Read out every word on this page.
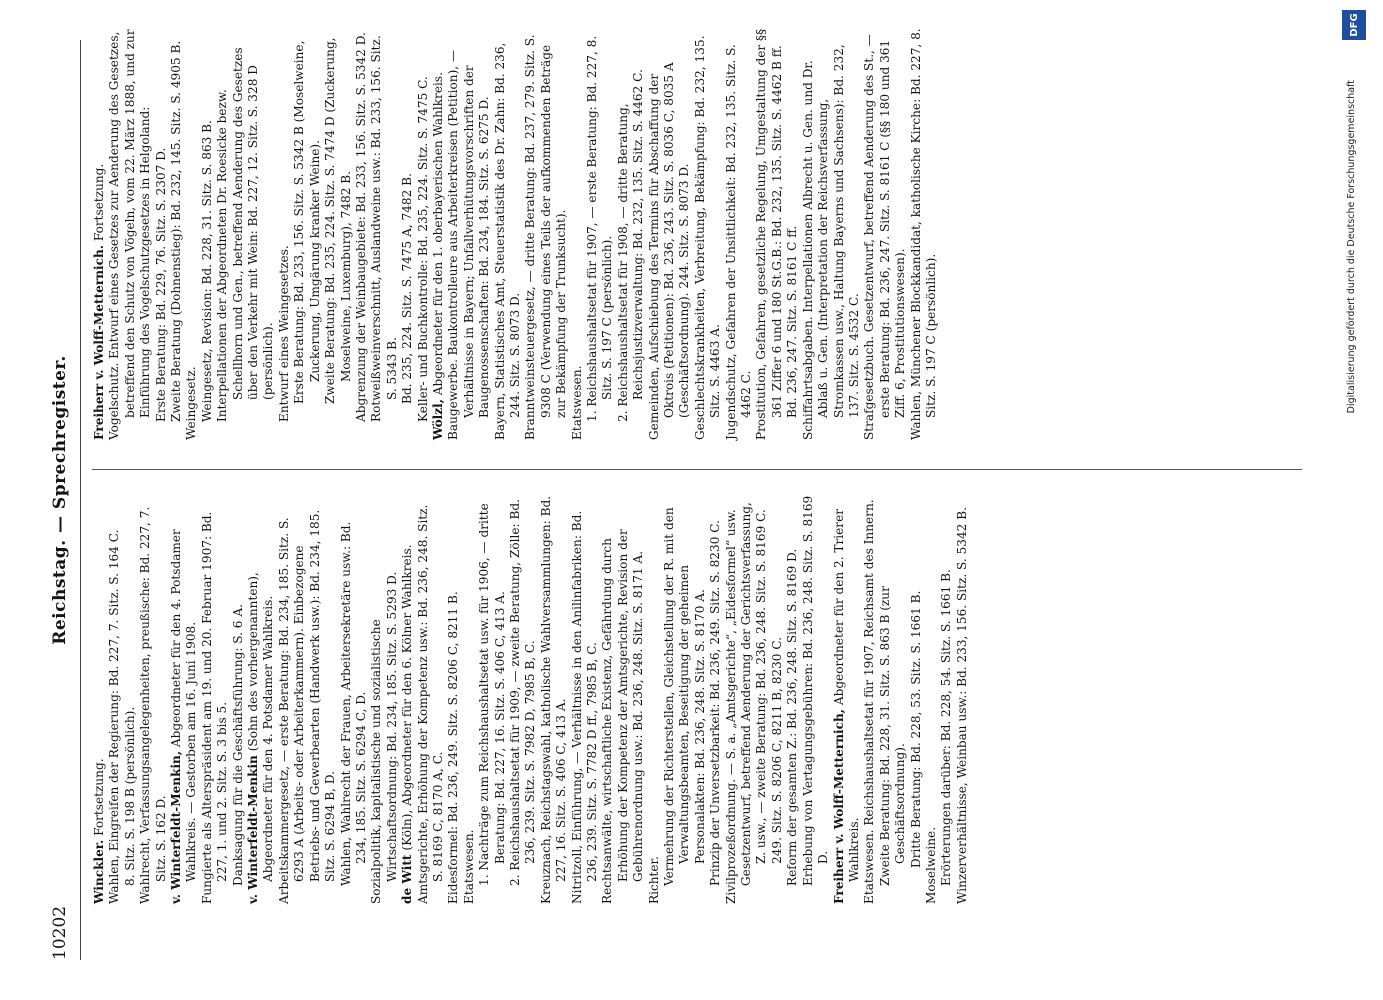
10202
Reichstag. — Sprechregister.

Winckler. Fortsetzung. Wahlen, Eingreifen der Regierung: Bd. 227, 7. Sitz. S. 164 C. 8. Sitz. S. 198 B (persönlich). Wahlrecht, Verfassungsangelegenheiten, preußische: Bd. 227, 7. Sitz. S. 162 D. v. Winterfeldt-Menkin, Abgeordneter für den 4. Potsdamer Wahlkreis. — Gestorben am 16. Juni 1908. Fungierte als Alterspräsident am 19. und 20. Februar 1907: Bd. 227, 1. und 2. Sitz. S. 3 bis 5. Danksagung für die Geschäftsführung: S. 6 A. v. Winterfeldt-Menkin (Sohn des vorhergenannten), Abgeordneter für den 4. Potsdamer Wahlkreis. Arbeitskammergesetz, — erste Beratung: Bd. 234, 185. Sitz. S. 6293 A (Arbeits- oder Arbeiterkammern). Einbezogene Betriebs- und Gewerbearten (Handwerk usw.): Bd. 234, 185. Sitz. S. 6294 B, D. Wahlen, Wahlrecht der Frauen, Arbeitersekretäre usw.: Bd. 234, 185. Sitz. S. 6294 C, D. Sozialpolitik, kapitalistische und sozialistische Wirtschaftsordnung: Bd. 234, 185. Sitz. S. 5293 D. de Witt (Köln), Abgeordneter für den 6. Kölner Wahlkreis. Amtsgerichte, Erhöhung der Kompetenz usw.: Bd. 236, 248. Sitz. S. 8169 C, 8170 A, C. Eidesformel: Bd. 236, 249. Sitz. S. 8206 C, 8211 B. Etatswesen. 1. Nachträge zum Reichshaushaltsetat usw. für 1906, — dritte Beratung: Bd. 227, 16. Sitz. S. 406 C, 413 A. 2. Reichshaushaltsetat für 1909, — zweite Beratung, Zölle: Bd. 236, 239. Sitz. S. 7982 D, 7985 B, C. Kreuznach, Reichstagswahl, katholische Wahlversammlungen: Bd. 227, 16. Sitz. S. 406 C, 413 A. Nitritzoll, Einführung, — Verhältnisse in den Anilinfabriken: Bd. 236, 239. Sitz. S. 7782 D ff., 7985 B, C. Rechtsanwälte, wirtschaftliche Existenz, Gefährdung durch Erhöhung der Kompetenz der Amtsgerichte, Revision der Gebührenordnung usw.: Bd. 236, 248. Sitz. S. 8171 A. Richter. Vermehrung der Richterstellen, Gleichstellung der R. mit den Verwaltungsbeamten, Beseitigung der geheimen Personalakten: Bd. 236, 248. Sitz. S. 8170 A. Prinzip der Unversetzbarkeit: Bd. 236, 249. Sitz. S. 8230 C. Zivilprozeßordnung. — S. a. „Amtsgerichte“, „Eidesformel“ usw. Gesetzentwurf, betreffend Aenderung der Gerichtsverfassung, Z. usw., — zweite Beratung: Bd. 236, 248. Sitz. S. 8169 C. 249. Sitz. S. 8206 C, 8211 B, 8230 C. Reform der gesamten Z.: Bd. 236, 248. Sitz. S. 8169 D. Erhebung von Vertagungsgebühren: Bd. 236, 248. Sitz. S. 8169 D. Freiherr v. Wolff-Metternich, Abgeordneter für den 2. Trierer Wahlkreis. Etatswesen. Reichshaushaltsetat für 1907, Reichsamt des Innern. Zweite Beratung: Bd. 228, 31. Sitz. S. 863 B (zur Geschäftsordnung). Dritte Beratung: Bd. 228, 53. Sitz. S. 1661 B. Moselweine. Erörterungen darüber: Bd. 228, 54. Sitz. S. 1661 B. Winzerverhältnisse, Weinbau usw.: Bd. 233, 156. Sitz. S. 5342 B.

Freiherr v. Wolff-Metternich. Fortsetzung. Vogelschutz. Entwurf eines Gesetzes zur Aenderung des Gesetzes, betreffend den Schutz von Vögeln, vom 22. März 1888, und zur Einführung des Vogelschutzgesetzes in Helgoland: Erste Beratung: Bd. 229, 76. Sitz. S. 2307 D. Zweite Beratung (Dohnenstieg): Bd. 232, 145. Sitz. S. 4905 B. Weingesetz. Weingesetz, Revision: Bd. 228, 31. Sitz. S. 863 B. Interpellationen der Abgeordneten Dr. Roesicke bezw. Schellhorn und Gen., betreffend Aenderung des Gesetzes über den Verkehr mit Wein: Bd. 227, 12. Sitz. S. 328 D (persönlich). Entwurf eines Weingesetzes. Erste Beratung: Bd. 233, 156. Sitz. S. 5342 B (Moselweine, Zuckerung, Umgärung kranker Weine). Zweite Beratung: Bd. 235, 224. Sitz. S. 7474 D (Zuckerung, Moselweine, Luxemburg), 7482 B. Abgrenzung der Weinbaugebiete: Bd. 233, 156. Sitz. S. 5342 D. Rotweißweinverschnitt, Auslandweine usw.: Bd. 233, 156. Sitz. S. 5343 B. Bd. 235, 224. Sitz. S. 7475 A, 7482 B. Keller- und Buchkontrolle: Bd. 235, 224. Sitz. S. 7475 C. Wölzl, Abgeordneter für den 1. oberbayerischen Wahlkreis. Baugewerbe. Baukontrolleure aus Arbeiterkreisen (Petition), — Verhältnisse in Bayern; Unfallverhütungsvorschriften der Baugenossenschaften: Bd. 234, 184. Sitz. S. 6275 D. Bayern, Statistisches Amt, Steuerstatistik des Dr. Zahn: Bd. 236, 244. Sitz. S. 8073 D. Branntweinsteuergesetz, — dritte Beratung: Bd. 237, 279. Sitz. S. 9308 C (Verwendung eines Teils der aufkommenden Beträge zur Bekämpfung der Trunksucht). Etatswesen. 1. Reichshaushaltsetat für 1907, — erste Beratung: Bd. 227, 8. Sitz. S. 197 C (persönlich). 2. Reichshaushaltsetat für 1908, — dritte Beratung, Reichsjustizverwaltung: Bd. 232, 135. Sitz. S. 4462 C. Gemeinden, Aufschiebung des Termins für Abschaffung der Oktrois (Petitionen): Bd. 236, 243. Sitz. S. 8036 C, 8035 A (Geschäftsordnung). 244. Sitz. S. 8073 D. Geschlechtskrankheiten, Verbreitung, Bekämpfung: Bd. 232, 135. Sitz. S. 4463 A. Jugendschutz, Gefahren der Unsittlichkeit: Bd. 232, 135. Sitz. S. 4462 C. Prostitution, Gefahren, gesetzliche Regelung, Umgestaltung der §§ 361 Ziffer 6 und 180 St.G.B.: Bd. 232, 135. Sitz. S. 4462 B ff. Bd. 236, 247. Sitz. S. 8161 C ff. Schiffahrtsabgaben. Interpellationen Albrecht u. Gen. und Dr. Ablaß u. Gen. (Interpretation der Reichsverfassung, Stromkassen usw., Haltung Bayerns und Sachsens): Bd. 232, 137. Sitz. S. 4532 C. Strafgesetzbuch. Gesetzentwurf, betreffend Aenderung des St., — erste Beratung: Bd. 236, 247. Sitz. S. 8161 C (§§ 180 und 361 Ziff. 6, Prostitutionswesen). Wahlen, Münchener Blockkandidat, katholische Kirche: Bd. 227, 8. Sitz. S. 197 C (persönlich).	Digitalisierung gefördert durch die Deutsche Forschungsgemeinschaft
DFG
